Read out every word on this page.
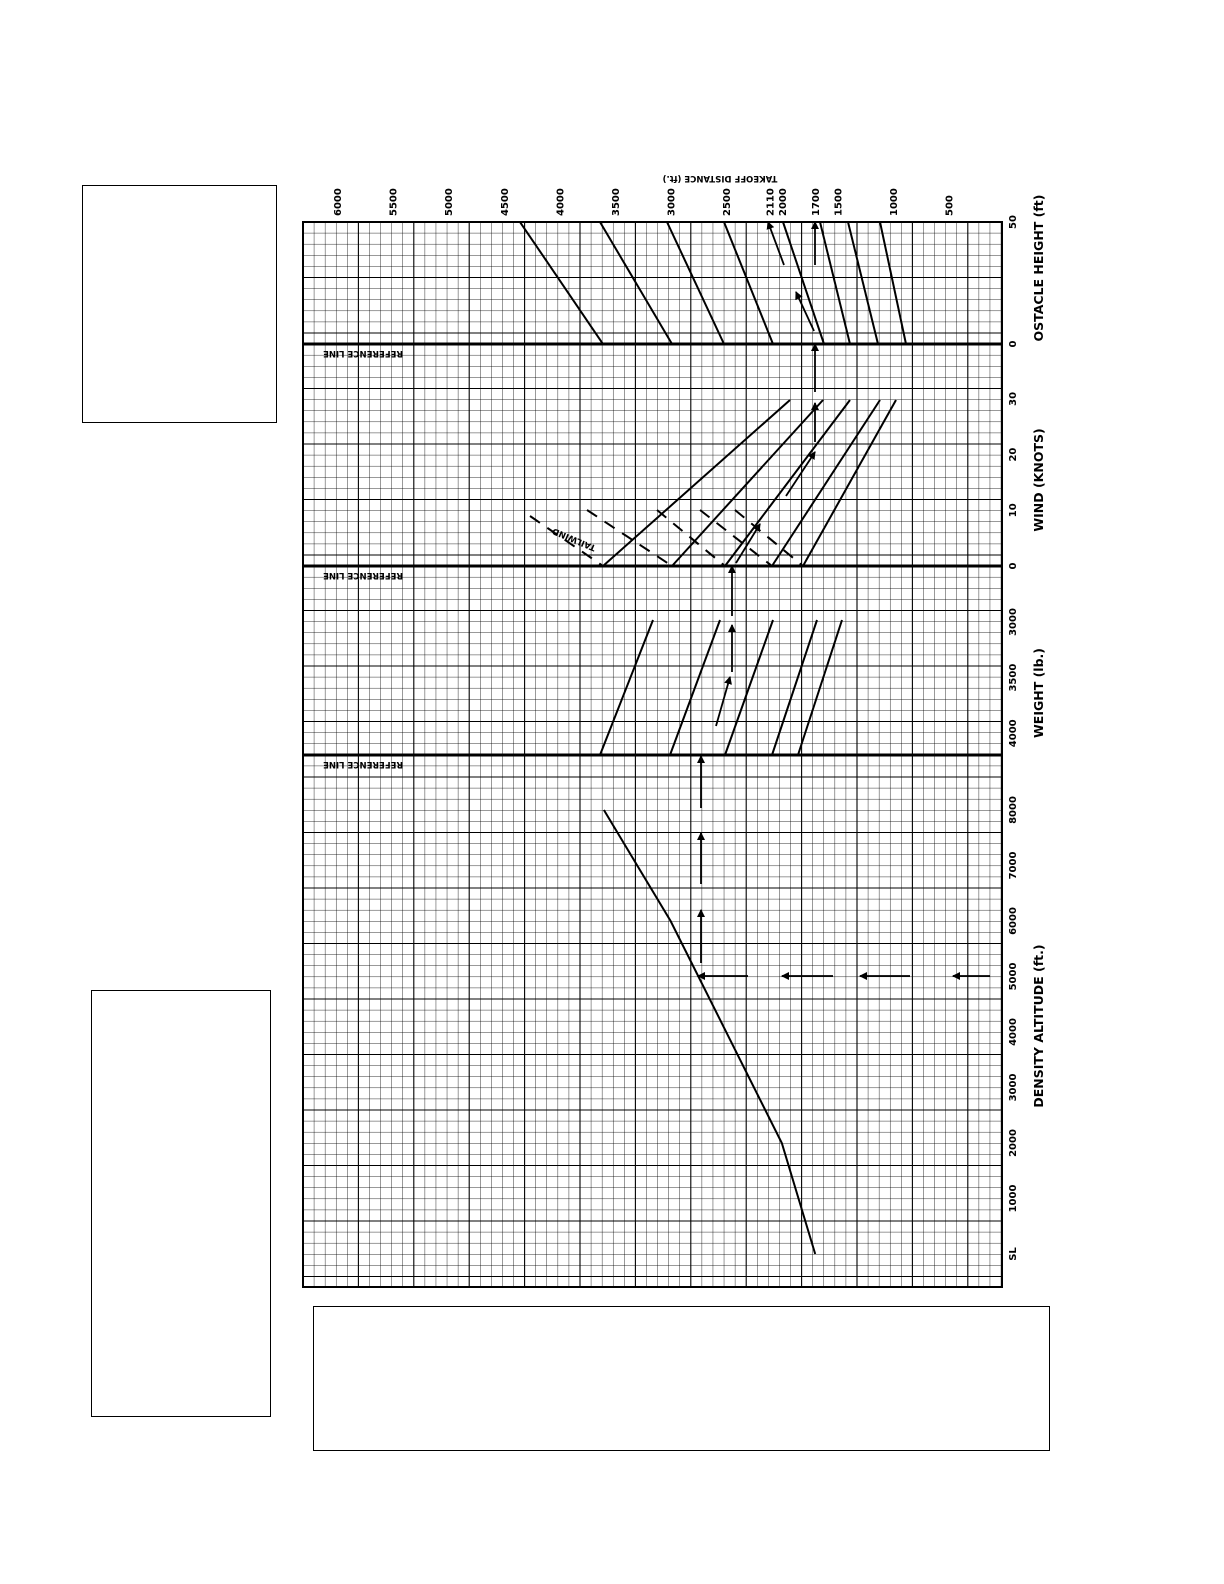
6000	5500	5000	4500	4000	3500	3000	2500	2000	1500	1000	500
2110	1700
50
0
30
20
10
0
3000
3500
4000
8000
7000
6000
5000
4000
3000
2000
1000
SL
TAKEOFF DISTANCE (ft.)
REFERENCE LINE
REFERENCE LINE
REFERENCE LINE
TAILWIND
OSTACLE HEIGHT (ft)
WIND (KNOTS)
WEIGHT (lb.)
DENSITY ALTITUDE (ft.)
